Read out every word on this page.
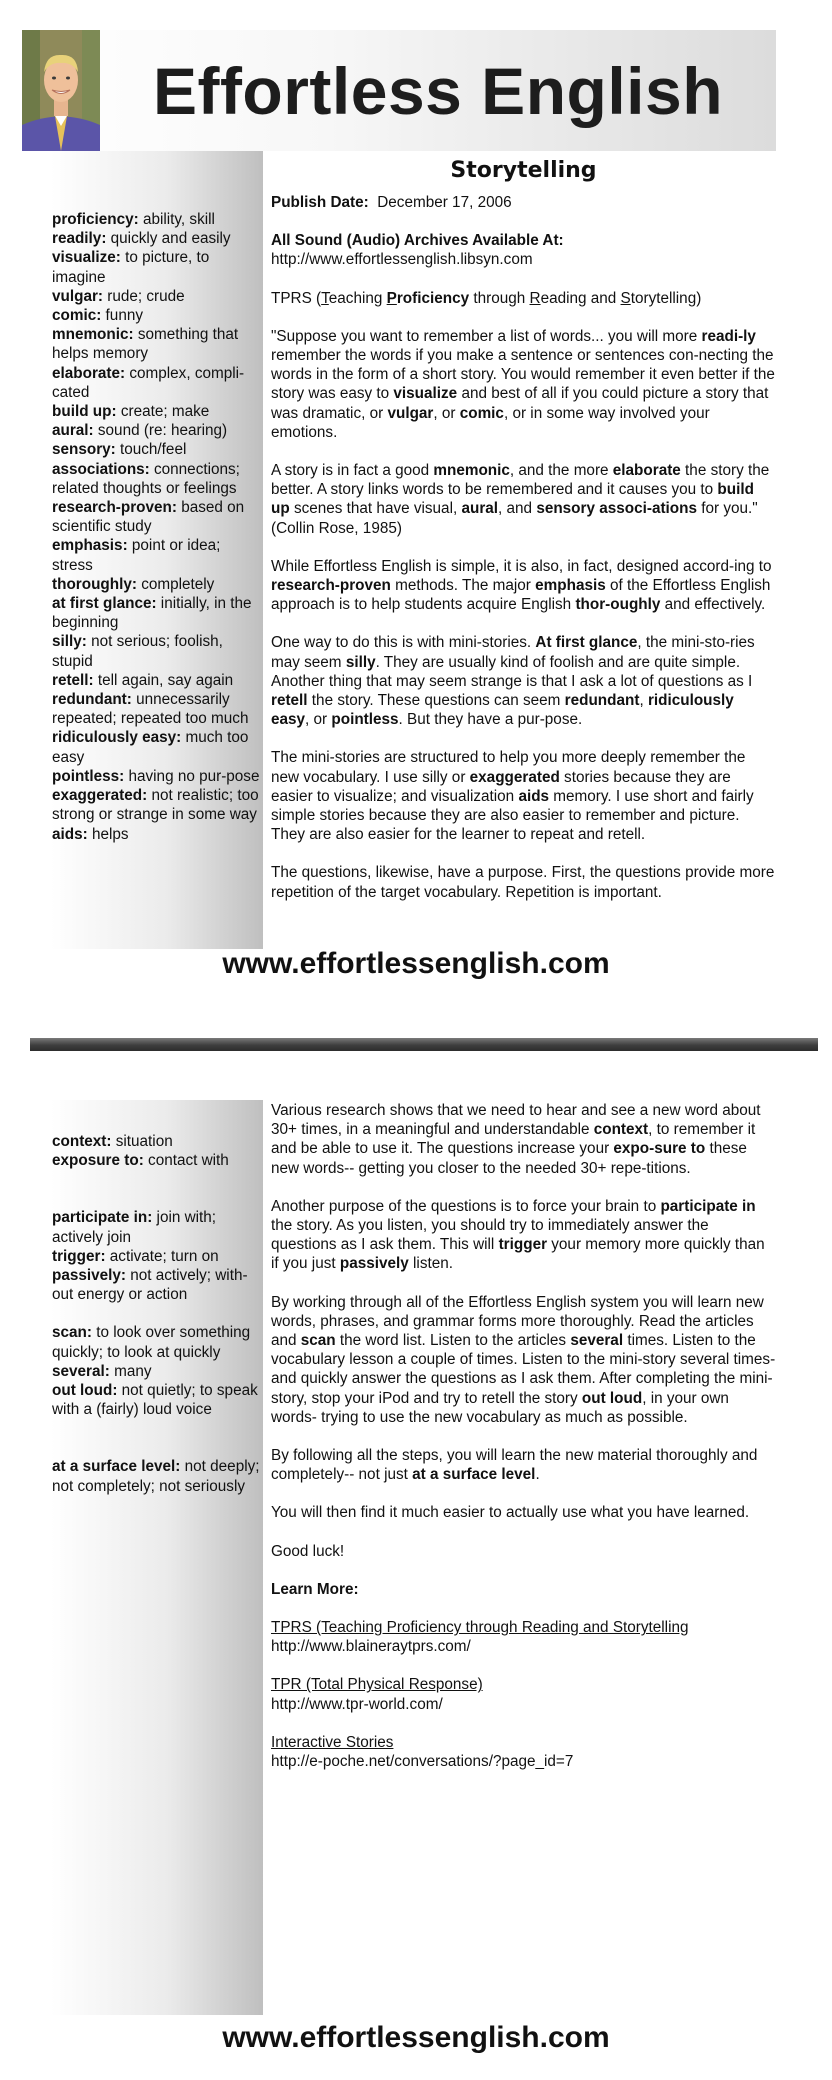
Effortless English
Storytelling
proficiency: ability, skill
readily: quickly and easily
visualize: to picture, to imagine
vulgar: rude; crude
comic: funny
mnemonic: something that helps memory
elaborate: complex, compli-cated
build up: create; make
aural: sound (re: hearing)
sensory: touch/feel
associations: connections; related thoughts or feelings
research-proven: based on scientific study
emphasis: point or idea; stress
thoroughly: completely
at first glance: initially, in the beginning
silly: not serious; foolish, stupid
retell: tell again, say again
redundant: unnecessarily repeated; repeated too much
ridiculously easy: much too easy
pointless: having no pur-pose
exaggerated: not realistic; too strong or strange in some way
aids: helps

Publish Date: December 17, 2006

All Sound (Audio) Archives Available At:
http://www.effortlessenglish.libsyn.com

TPRS (Teaching Proficiency through Reading and Storytelling)

"Suppose you want to remember a list of words... you will more readi-ly remember the words if you make a sentence or sentences con-necting the words in the form of a short story. You would remember it even better if the story was easy to visualize and best of all if you could picture a story that was dramatic, or vulgar, or comic, or in some way involved your emotions.

A story is in fact a good mnemonic, and the more elaborate the story the better. A story links words to be remembered and it causes you to build up scenes that have visual, aural, and sensory associ-ations for you." (Collin Rose, 1985)

While Effortless English is simple, it is also, in fact, designed accord-ing to research-proven methods. The major emphasis of the Effortless English approach is to help students acquire English thor-oughly and effectively.

One way to do this is with mini-stories. At first glance, the mini-sto-ries may seem silly. They are usually kind of foolish and are quite simple. Another thing that may seem strange is that I ask a lot of questions as I retell the story. These questions can seem redundant, ridiculously easy, or pointless. But they have a pur-pose.

The mini-stories are structured to help you more deeply remember the new vocabulary. I use silly or exaggerated stories because they are easier to visualize; and visualization aids memory. I use short and fairly simple stories because they are also easier to remember and picture. They are also easier for the learner to repeat and retell.

The questions, likewise, have a purpose. First, the questions provide more repetition of the target vocabulary. Repetition is important.

www.effortlessenglish.com
context: situation
exposure to: contact with
participate in: join with; actively join
trigger: activate; turn on
passively: not actively; with-out energy or action
scan: to look over something quickly; to look at quickly
several: many
out loud: not quietly; to speak with a (fairly) loud voice
at a surface level: not deeply; not completely; not seriously

Various research shows that we need to hear and see a new word about 30+ times, in a meaningful and understandable context, to remember it and be able to use it. The questions increase your expo-sure to these new words-- getting you closer to the needed 30+ repe-titions.

Another purpose of the questions is to force your brain to participate in the story. As you listen, you should try to immediately answer the questions as I ask them. This will trigger your memory more quickly than if you just passively listen.

By working through all of the Effortless English system you will learn new words, phrases, and grammar forms more thoroughly. Read the articles and scan the word list. Listen to the articles several times. Listen to the vocabulary lesson a couple of times. Listen to the mini-story several times- and quickly answer the questions as I ask them. After completing the mini-story, stop your iPod and try to retell the story out loud, in your own words- trying to use the new vocabulary as much as possible.

By following all the steps, you will learn the new material thoroughly and completely-- not just at a surface level.

You will then find it much easier to actually use what you have learned.

Good luck!

Learn More:

TPRS (Teaching Proficiency through Reading and Storytelling
http://www.blaineraytprs.com/

TPR (Total Physical Response)
http://www.tpr-world.com/

Interactive Stories
http://e-poche.net/conversations/?page_id=7

www.effortlessenglish.com
